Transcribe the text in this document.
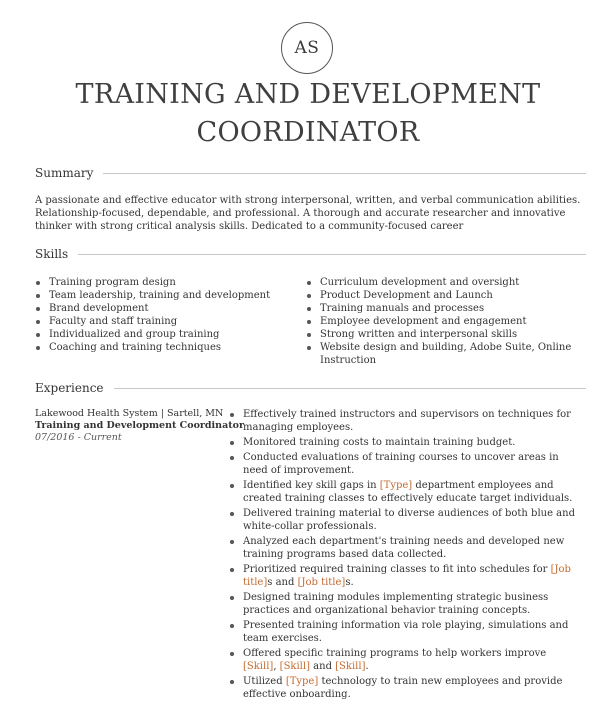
AS
TRAINING AND DEVELOPMENT
COORDINATOR
Summary
A passionate and effective educator with strong interpersonal, written, and verbal communication abilities. Relationship-focused, dependable, and professional. A thorough and accurate researcher and innovative thinker with strong critical analysis skills. Dedicated to a community-focused career
Skills
Training program design
Team leadership, training and development
Brand development
Faculty and staff training
Individualized and group training
Coaching and training techniques
Curriculum development and oversight
Product Development and Launch
Training manuals and processes
Employee development and engagement
Strong written and interpersonal skills
Website design and building, Adobe Suite, Online Instruction
Experience
Lakewood Health System | Sartell, MN
Training and Development Coordinator
07/2016 - Current
Effectively trained instructors and supervisors on techniques for managing employees.
Monitored training costs to maintain training budget.
Conducted evaluations of training courses to uncover areas in need of improvement.
Identified key skill gaps in [Type] department employees and created training classes to effectively educate target individuals.
Delivered training material to diverse audiences of both blue and white-collar professionals.
Analyzed each department's training needs and developed new training programs based data collected.
Prioritized required training classes to fit into schedules for [Job title]s and [Job title]s.
Designed training modules implementing strategic business practices and organizational behavior training concepts.
Presented training information via role playing, simulations and team exercises.
Offered specific training programs to help workers improve [Skill], [Skill] and [Skill].
Utilized [Type] technology to train new employees and provide effective onboarding.
